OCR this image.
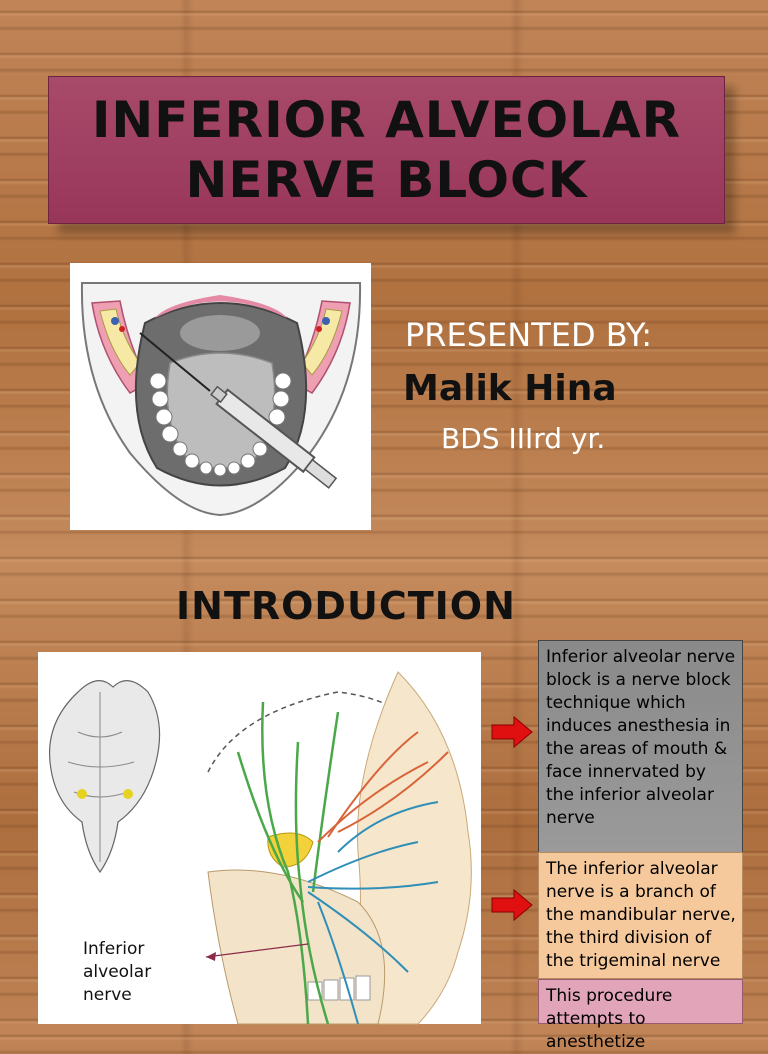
INFERIOR ALVEOLAR
NERVE BLOCK
PRESENTED BY:
Malik Hina
BDS IIIrd yr.
INTRODUCTION
Inferior
alveolar
nerve
Inferior alveolar nerve block is a nerve block technique which induces anesthesia in the areas of mouth & face innervated by the inferior alveolar nerve
The inferior alveolar nerve is a branch of the mandibular nerve, the third division of the trigeminal nerve
This procedure attempts to anesthetize
